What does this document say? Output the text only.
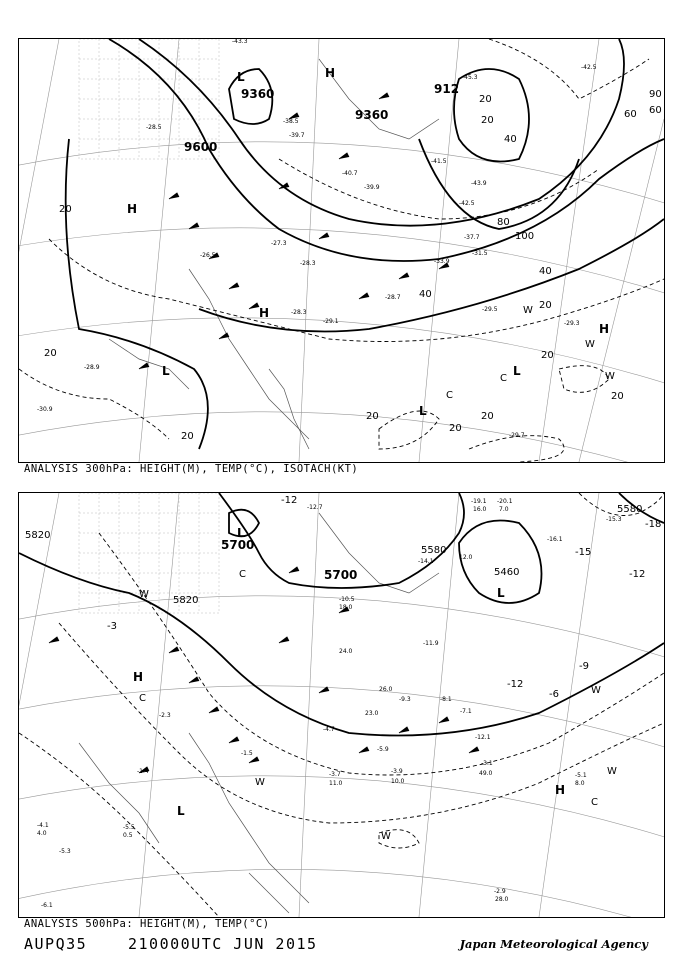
9360
9360
9600
912
20
20
40
60
80
100
40
20
20
20
20
20
20
20
20
60
90
20
40
L	H
H
H
H
L	L
L
C
C
W
W
W
-43.3
-38.5
-39.7
-40.7
-39.9
-41.5
-42.5
-37.7
-31.5
-33.9
-29.1
-28.3
-28.7
-29.5
-27.3
-26.5
-29.3
-29.7
-30.9
-28.9
-42.5
-43.9
-45.3
-28.5
-28.3
ANALYSIS 300hPa: HEIGHT(M), TEMP(°C), ISOTACH(KT)
5820
5700
5700
5820
5580
5580
5460
-12
-18
-15
-12
-9
-6
-12
-3
L
L
L
H
H
C
C
C
W
W
W
W
W
-12.7
-10.5
-11.9
-14.1
-15.3
-16.1
-19.1 -20.1
-9.3	-8.1
-7.1
-5.9
-3.9
-3.7
-3.1
-2.9
-5.1
-4.7
-1.5
-4.1
-5.3
-2.3
-5.5
-6.1
-1.4
-12.1
16.0 7.0
12.0
18.0
24.0
26.0
23.0
10.0
49.0
8.0
28.0
11.0
4.0	0.5
ANALYSIS 500hPa: HEIGHT(M), TEMP(°C)
AUPQ35	210000UTC JUN 2015	Japan Meteorological Agency
